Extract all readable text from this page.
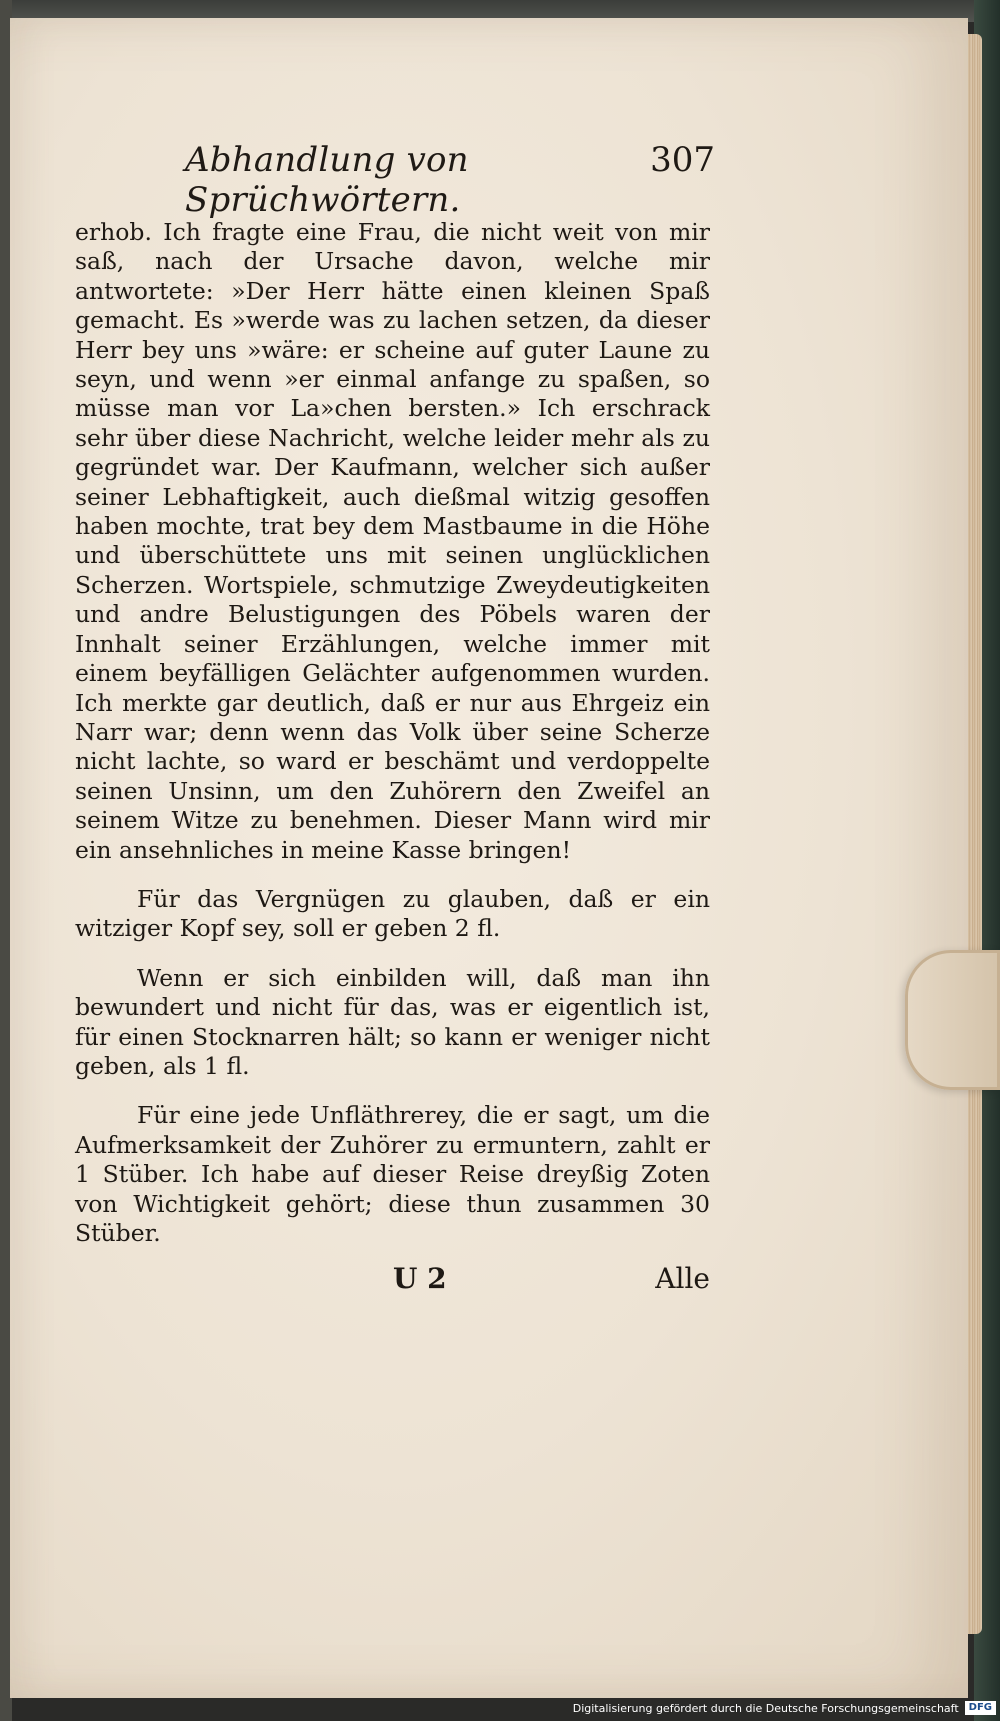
Abhandlung von Sprüchwörtern.
307

erhob. Ich fragte eine Frau, die nicht weit von mir saß, nach der Ursache davon, welche mir antwortete: »Der Herr hätte einen kleinen Spaß gemacht. Es »werde was zu lachen setzen, da dieser Herr bey uns »wäre: er scheine auf guter Laune zu seyn, und wenn »er einmal anfange zu spaßen, so müsse man vor La»chen bersten.» Ich erschrack sehr über diese Nachricht, welche leider mehr als zu gegründet war. Der Kaufmann, welcher sich außer seiner Lebhaftigkeit, auch dießmal witzig gesoffen haben mochte, trat bey dem Mastbaume in die Höhe und überschüttete uns mit seinen unglücklichen Scherzen. Wortspiele, schmutzige Zweydeutigkeiten und andre Belustigungen des Pöbels waren der Innhalt seiner Erzählungen, welche immer mit einem beyfälligen Gelächter aufgenommen wurden. Ich merkte gar deutlich, daß er nur aus Ehrgeiz ein Narr war; denn wenn das Volk über seine Scherze nicht lachte, so ward er beschämt und verdoppelte seinen Unsinn, um den Zuhörern den Zweifel an seinem Witze zu benehmen. Dieser Mann wird mir ein ansehnliches in meine Kasse bringen!

Für das Vergnügen zu glauben, daß er ein witziger Kopf sey, soll er geben 2 fl.

Wenn er sich einbilden will, daß man ihn bewundert und nicht für das, was er eigentlich ist, für einen Stocknarren hält; so kann er weniger nicht geben, als 1 fl.

Für eine jede Unfläthrerey, die er sagt, um die Aufmerksamkeit der Zuhörer zu ermuntern, zahlt er 1 Stüber. Ich habe auf dieser Reise dreyßig Zoten von Wichtigkeit gehört; diese thun zusammen 30 Stüber.

U 2	Alle
Digitalisierung gefördert durch die Deutsche Forschungsgemeinschaft	DFG
